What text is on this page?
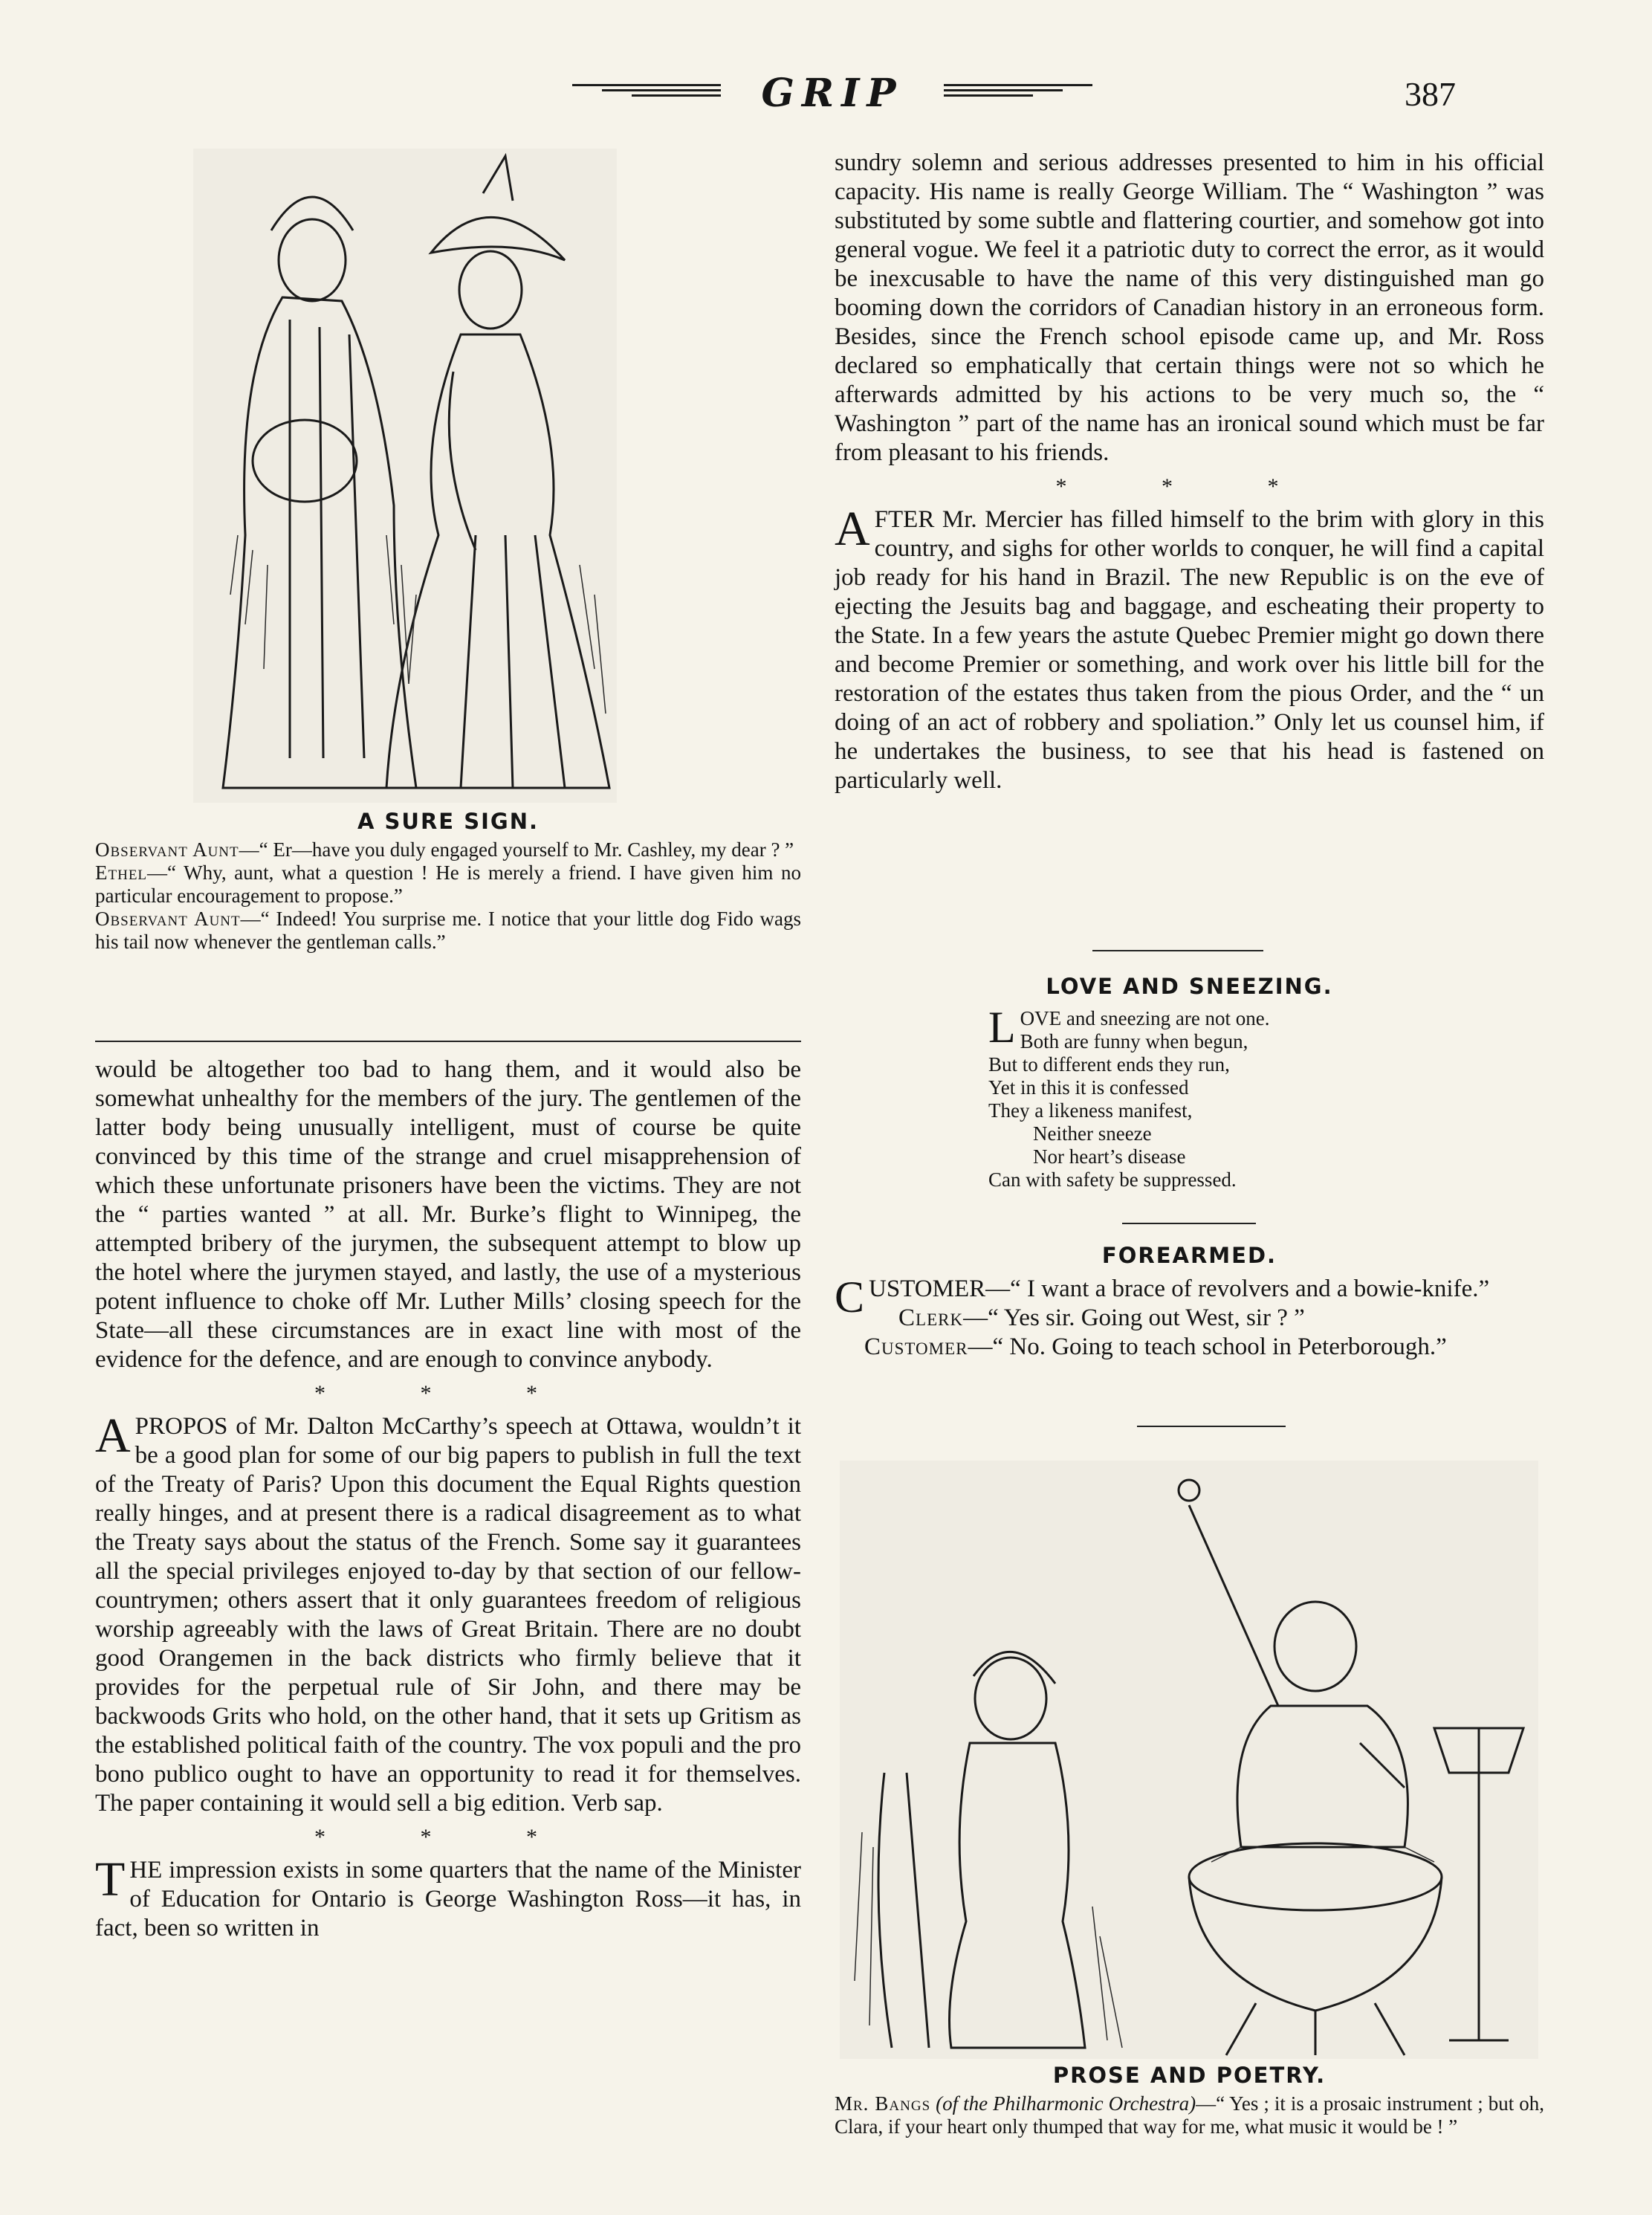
GRIP	387
A SURE SIGN.

Observant Aunt—“ Er—have you duly engaged yourself to Mr. Cashley, my dear ? ”

Ethel—“ Why, aunt, what a question ! He is merely a friend. I have given him no particular encouragement to propose.”

Observant Aunt—“ Indeed! You surprise me. I notice that your little dog Fido wags his tail now whenever the gentleman calls.”

would be altogether too bad to hang them, and it would also be somewhat unhealthy for the members of the jury. The gentlemen of the latter body being unusually intelligent, must of course be quite convinced by this time of the strange and cruel misapprehension of which these unfortunate prisoners have been the victims. They are not the “ parties wanted ” at all. Mr. Burke’s flight to Winnipeg, the attempted bribery of the jurymen, the subsequent attempt to blow up the hotel where the jurymen stayed, and lastly, the use of a mysterious potent influence to choke off Mr. Luther Mills’ closing speech for the State—all these circumstances are in exact line with most of the evidence for the defence, and are enough to convince anybody.

* * *

APROPOS of Mr. Dalton McCarthy’s speech at Ottawa, wouldn’t it be a good plan for some of our big papers to publish in full the text of the Treaty of Paris? Upon this document the Equal Rights question really hinges, and at present there is a radical disagreement as to what the Treaty says about the status of the French. Some say it guarantees all the special privileges enjoyed to-day by that section of our fellow-countrymen; others assert that it only guarantees freedom of religious worship agreeably with the laws of Great Britain. There are no doubt good Orangemen in the back districts who firmly believe that it provides for the perpetual rule of Sir John, and there may be backwoods Grits who hold, on the other hand, that it sets up Gritism as the established political faith of the country. The vox populi and the pro bono publico ought to have an opportunity to read it for themselves. The paper containing it would sell a big edition. Verb sap.

* * *

THE impression exists in some quarters that the name of the Minister of Education for Ontario is George Washington Ross—it has, in fact, been so written in

sundry solemn and serious addresses presented to him in his official capacity. His name is really George William. The “ Washington ” was substituted by some subtle and flattering courtier, and somehow got into general vogue. We feel it a patriotic duty to correct the error, as it would be inexcusable to have the name of this very distinguished man go booming down the corridors of Canadian history in an erroneous form. Besides, since the French school episode came up, and Mr. Ross declared so emphatically that certain things were not so which he afterwards admitted by his actions to be very much so, the “ Washington ” part of the name has an ironical sound which must be far from pleasant to his friends.

* * *

AFTER Mr. Mercier has filled himself to the brim with glory in this country, and sighs for other worlds to conquer, he will find a capital job ready for his hand in Brazil. The new Republic is on the eve of ejecting the Jesuits bag and baggage, and escheating their property to the State. In a few years the astute Quebec Premier might go down there and become Premier or something, and work over his little bill for the restoration of the estates thus taken from the pious Order, and the “ un doing of an act of robbery and spoliation.” Only let us counsel him, if he undertakes the business, to see that his head is fastened on particularly well.

LOVE AND SNEEZING.
L OVE and sneezing are not one.
Both are funny when begun,
But to different ends they run,
Yet in this it is confessed
They a likeness manifest,
Neither sneeze
Nor heart’s disease
Can with safety be suppressed.
FOREARMED.

CUSTOMER—“ I want a brace of revolvers and a bowie-knife.”

Clerk—“ Yes sir. Going out West, sir ? ”

Customer—“ No. Going to teach school in Peterborough.”

PROSE AND POETRY.

Mr. Bangs (of the Philharmonic Orchestra)—“ Yes ; it is a prosaic instrument ; but oh, Clara, if your heart only thumped that way for me, what music it would be ! ”
